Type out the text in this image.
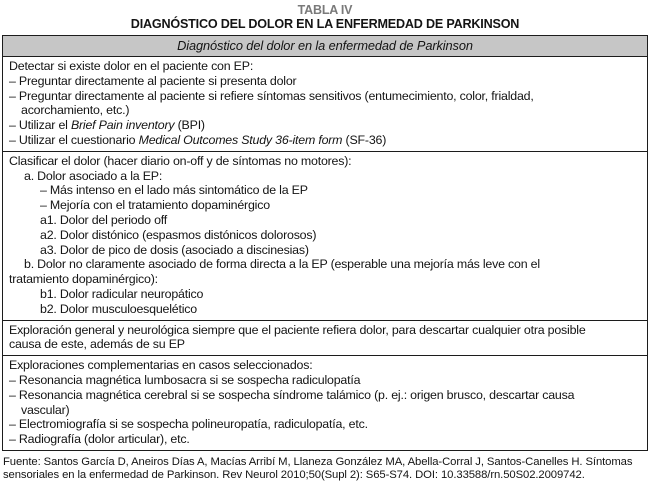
TABLA IV
DIAGNÓSTICO DEL DOLOR EN LA ENFERMEDAD DE PARKINSON
Diagnóstico del dolor en la enfermedad de Parkinson

Detectar si existe dolor en el paciente con EP:
– Preguntar directamente al paciente si presenta dolor
– Preguntar directamente al paciente si refiere síntomas sensitivos (entumecimiento, color, frialdad,
acorchamiento, etc.)
– Utilizar el Brief Pain inventory (BPI)
– Utilizar el cuestionario Medical Outcomes Study 36-item form (SF-36)

Clasificar el dolor (hacer diario on-off y de síntomas no motores):
a. Dolor asociado a la EP:
– Más intenso en el lado más sintomático de la EP
– Mejoría con el tratamiento dopaminérgico
a1. Dolor del periodo off
a2. Dolor distónico (espasmos distónicos dolorosos)
a3. Dolor de pico de dosis (asociado a discinesias)
b. Dolor no claramente asociado de forma directa a la EP (esperable una mejoría más leve con el
tratamiento dopaminérgico):
b1. Dolor radicular neuropático
b2. Dolor musculoesquelético

Exploración general y neurológica siempre que el paciente refiera dolor, para descartar cualquier otra posible
causa de este, además de su EP

Exploraciones complementarias en casos seleccionados:
– Resonancia magnética lumbosacra si se sospecha radiculopatía
– Resonancia magnética cerebral si se sospecha síndrome talámico (p. ej.: origen brusco, descartar causa
vascular)
– Electromiografía si se sospecha polineuropatía, radiculopatía, etc.
– Radiografía (dolor articular), etc.
Fuente: Santos García D, Aneiros Días A, Macías Arribí M, Llaneza González MA, Abella-Corral J, Santos-Canelles H. Síntomas
sensoriales en la enfermedad de Parkinson. Rev Neurol 2010;50(Supl 2): S65-S74. DOI: 10.33588/rn.50S02.2009742.
